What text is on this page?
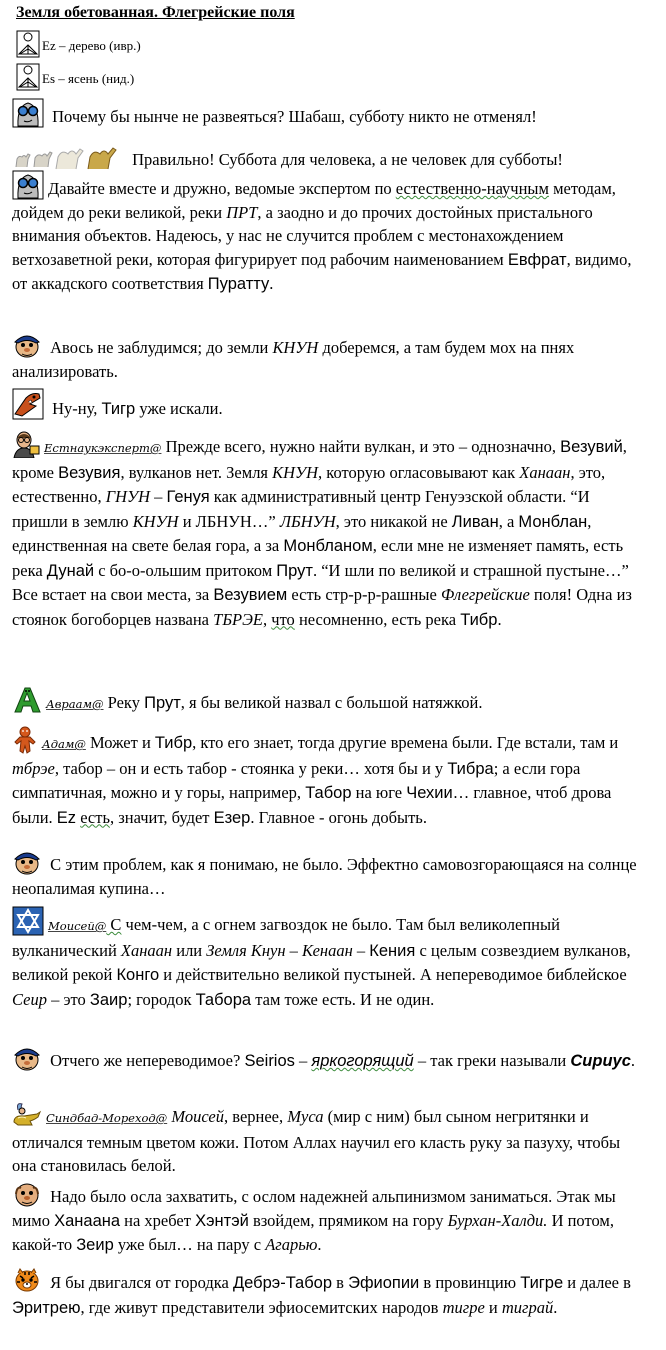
Земля обетованная. Флегрейские поля
Ez – дерево (ивр.)
Es – ясень (нид.)
Почему бы нынче не развеяться? Шабаш, субботу никто не отменял!
Правильно! Суббота для человека, а не человек для субботы!
Давайте вместе и дружно, ведомые экспертом по естественно-научным методам, дойдем до реки великой, реки ПРТ, а заодно и до прочих достойных пристального внимания объектов. Надеюсь, у нас не случится проблем с местонахождением ветхозаветной реки, которая фигурирует под рабочим наименованием Евфрат, видимо, от аккадского соответствия Пуратту.
Авось не заблудимся; до земли КНУН доберемся, а там будем мох на пнях анализировать.
Ну-ну, Тигр уже искали.
Естнаукэксперт@ Прежде всего, нужно найти вулкан, и это – однозначно, Везувий, кроме Везувия, вулканов нет. Земля КНУН, которую огласовывают как Ханаан, это, естественно, ГНУН – Генуя как административный центр Генуэзской области. “И пришли в землю КНУН и ЛБНУН…” ЛБНУН, это никакой не Ливан, а Монблан, единственная на свете белая гора, а за Монбланом, если мне не изменяет память, есть река Дунай с бо-о-ольшим притоком Прут. “И шли по великой и страшной пустыне…” Все встает на свои места, за Везувием есть стр-р-р-рашные Флегрейские поля! Одна из стоянок богоборцев названа ТБРЭЕ, что несомненно, есть река Тибр.
Авраам@ Реку Прут, я бы великой назвал с большой натяжкой.
Адам@ Может и Тибр, кто его знает, тогда другие времена были. Где встали, там и тбрэе, табор – он и есть табор - стоянка у реки… хотя бы и у Тибра; а если гора симпатичная, можно и у горы, например, Табор на юге Чехии… главное, чтоб дрова были. Ez есть, значит, будет Езер. Главное - огонь добыть.
С этим проблем, как я понимаю, не было. Эффектно самовозгорающаяся на солнце неопалимая купина…
Моисей@ С чем-чем, а с огнем загвоздок не было. Там был великолепный вулканический Ханаан или Земля Кнун – Кенаан – Кения с целым созвездием вулканов, великой рекой Конго и действительно великой пустыней. А непереводимое библейское Сеир – это Заир; городок Табора там тоже есть. И не один.
Отчего же непереводимое? Seirios – яркогорящий – так греки называли Сириус.
Синдбад-Мореход@ Моисей, вернее, Муса (мир с ним) был сыном негритянки и отличался темным цветом кожи. Потом Аллах научил его класть руку за пазуху, чтобы она становилась белой.
Надо было осла захватить, с ослом надежней альпинизмом заниматься. Этак мы мимо Ханаана на хребет Хэнтэй взойдем, прямиком на гору Бурхан-Халди. И потом, какой-то Зеир уже был… на пару с Агарью.
Я бы двигался от городка Дебрэ-Табор в Эфиопии в провинцию Тигре и далее в Эритрею, где живут представители эфиосемитских народов тигре и тиграй.
